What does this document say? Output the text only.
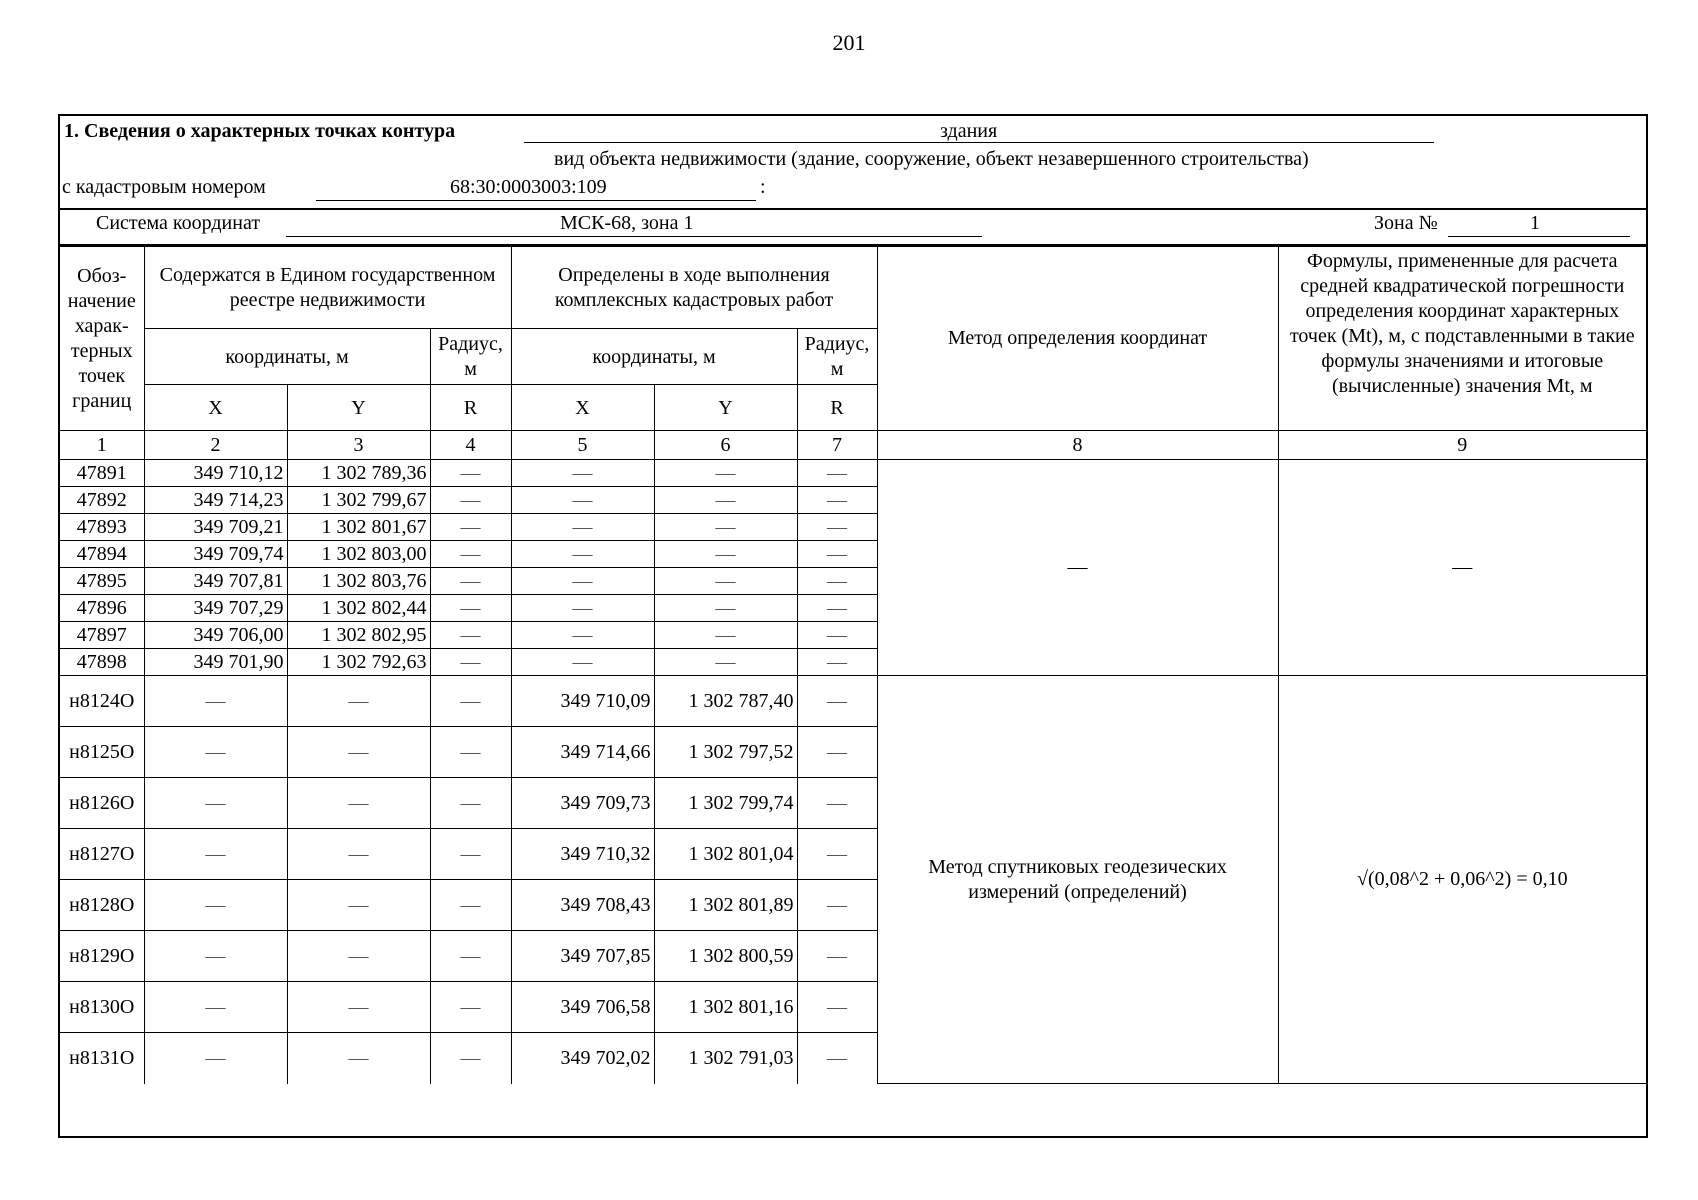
201
1. Сведения о характерных точках контура	здания
вид объекта недвижимости (здание, сооружение, объект незавершенного строительства)
с кадастровым номером	68:30:0003003:109	:
Система координат	МСК-68, зона 1	Зона №	1
Обоз-начение харак-терных точек границ	Содержатся в Едином государственном реестре недвижимости			Определены в ходе выполнения комплексных кадастровых работ			Метод определения координат	Формулы, примененные для расчета средней квадратической погрешности определения координат характерных точек (Mt), м, с подставленными в такие формулы значениями и итоговые (вычисленные) значения Mt, м
	координаты, м		Радиус, м	координаты, м		Радиус, м		
	X	Y	R	X	Y	R		
1	2	3	4	5	6	7	8	9
47891	349 710,12	1 302 789,36	—	—	—	—	—	—
47892	349 714,23	1 302 799,67	—	—	—	—		
47893	349 709,21	1 302 801,67	—	—	—	—		
47894	349 709,74	1 302 803,00	—	—	—	—		
47895	349 707,81	1 302 803,76	—	—	—	—		
47896	349 707,29	1 302 802,44	—	—	—	—		
47897	349 706,00	1 302 802,95	—	—	—	—		
47898	349 701,90	1 302 792,63	—	—	—	—		
н8124О	—	—	—	349 710,09	1 302 787,40	—	Метод спутниковых геодезических измерений (определений)	√(0,08^2 + 0,06^2) = 0,10
н8125О	—	—	—	349 714,66	1 302 797,52	—		
н8126О	—	—	—	349 709,73	1 302 799,74	—		
н8127О	—	—	—	349 710,32	1 302 801,04	—		
н8128О	—	—	—	349 708,43	1 302 801,89	—		
н8129О	—	—	—	349 707,85	1 302 800,59	—		
н8130О	—	—	—	349 706,58	1 302 801,16	—		
н8131О	—	—	—	349 702,02	1 302 791,03	—		
